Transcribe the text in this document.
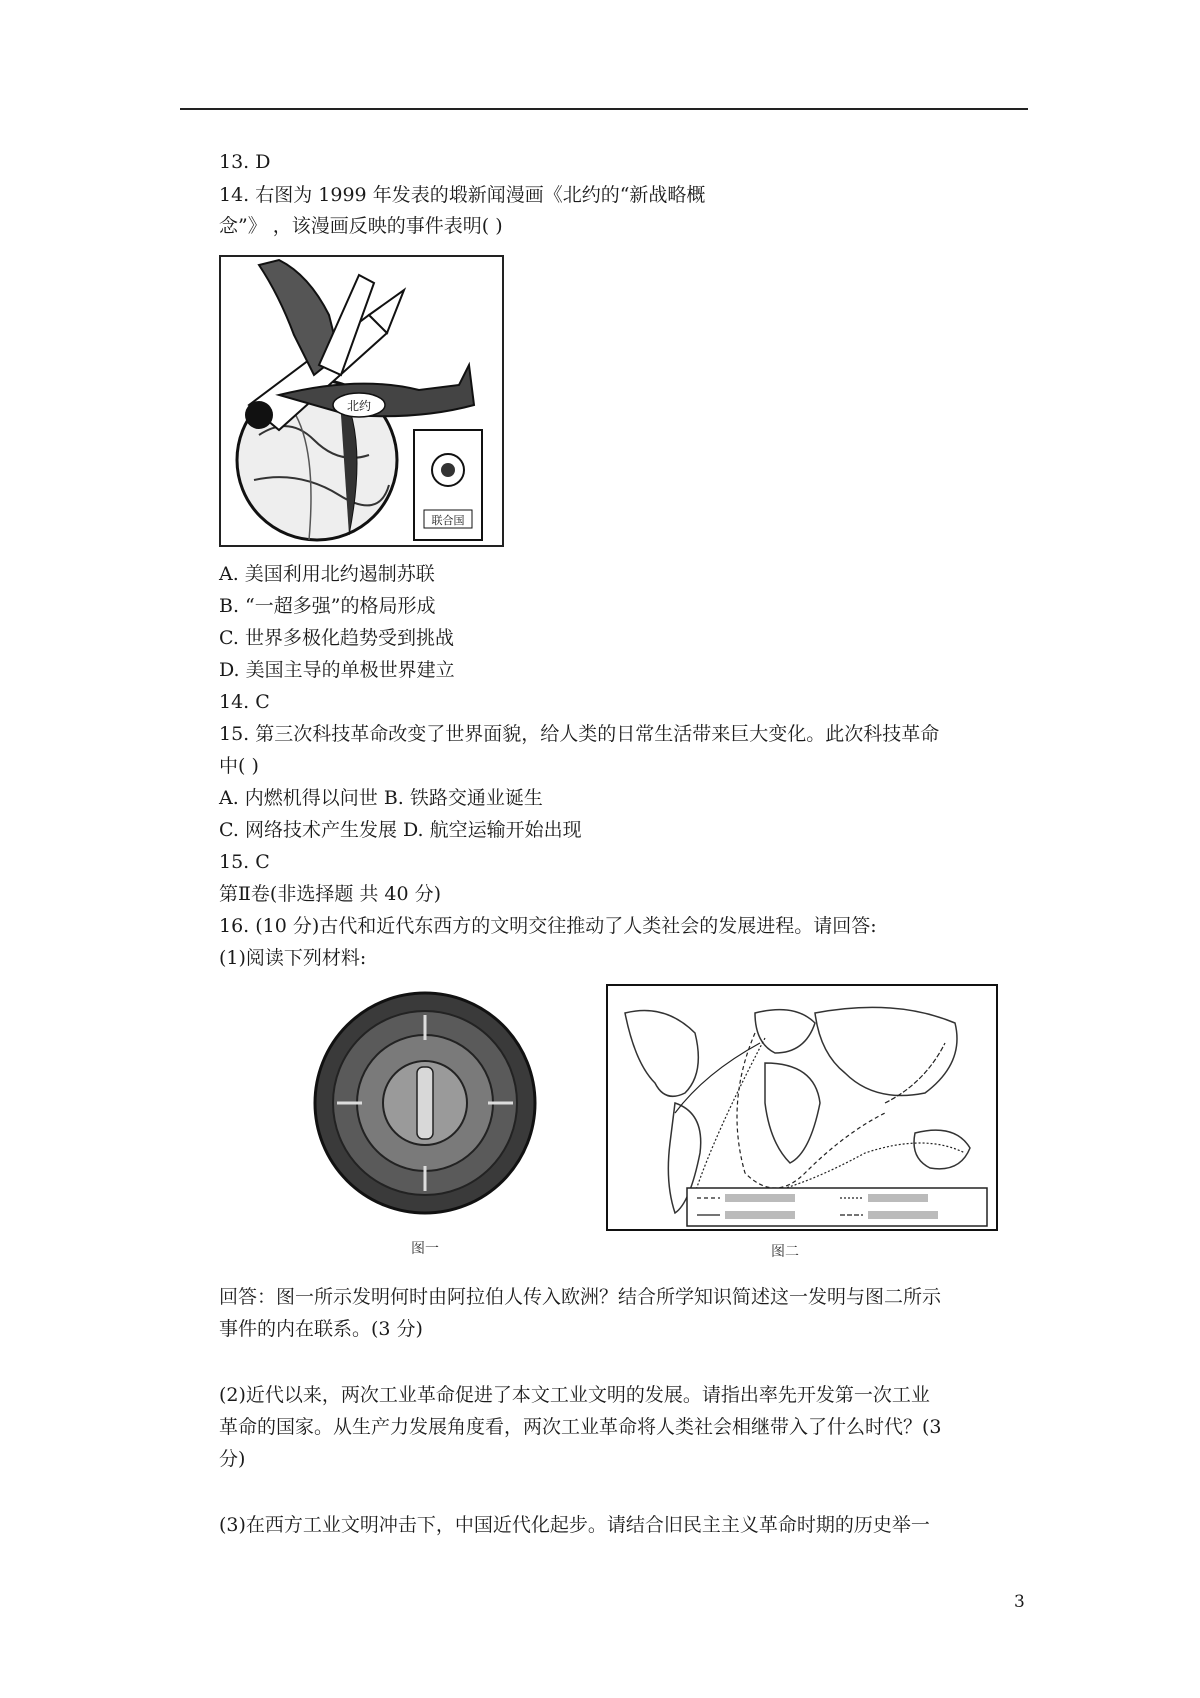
13. D
14. 右图为 1999 年发表的塅新闻漫画《北约的“新战略概
念”》 ，该漫画反映的事件表明( )
北约
联合国
A. 美国利用北约遏制苏联
B. “一超多强”的格局形成
C. 世界多极化趋势受到挑战
D. 美国主导的单极世界建立
14. C
15. 第三次科技革命改变了世界面貌，给人类的日常生活带来巨大变化。此次科技革命
中( )
A. 内燃机得以问世 B. 铁路交通业诞生
C. 网络技术产生发展 D. 航空运输开始出现
15. C
第Ⅱ卷(非选择题 共 40 分)
16. (10 分)古代和近代东西方的文明交往推动了人类社会的发展进程。请回答:
(1)阅读下列材料:
图一	图二
回答：图一所示发明何时由阿拉伯人传入欧洲？结合所学知识简述这一发明与图二所示
事件的内在联系。(3 分)
(2)近代以来，两次工业革命促进了本文工业文明的发展。请指出率先开发第一次工业
革命的国家。从生产力发展角度看，两次工业革命将人类社会相继带入了什么时代？(3
分)
(3)在西方工业文明冲击下，中国近代化起步。请结合旧民主主义革命时期的历史举一
3
